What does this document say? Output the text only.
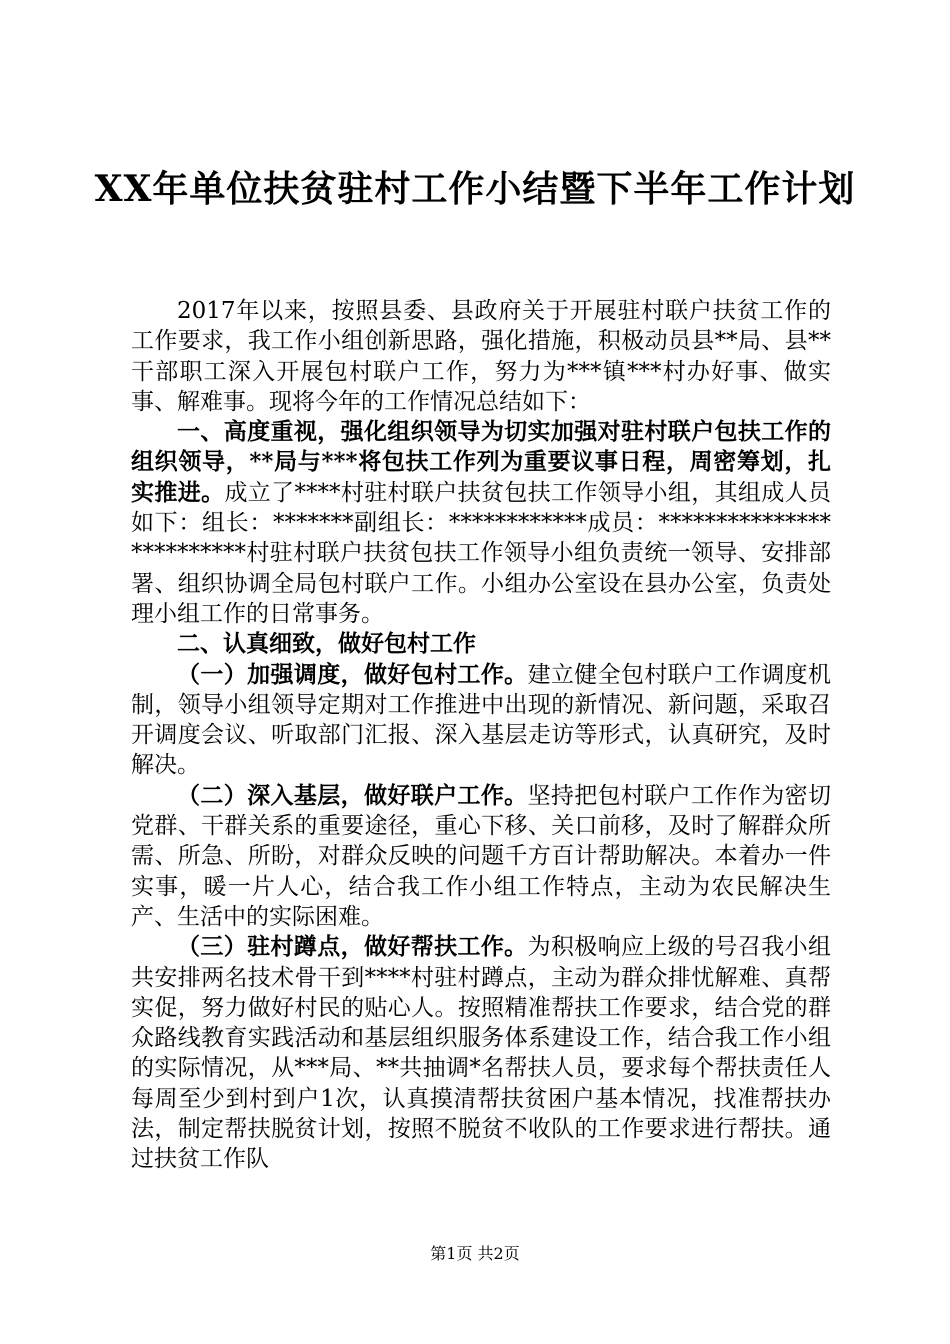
XX年单位扶贫驻村工作小结暨下半年工作计划

2017年以来，按照县委、县政府关于开展驻村联户扶贫工作的工作要求，我工作小组创新思路，强化措施，积极动员县**局、县**干部职工深入开展包村联户工作，努力为***镇***村办好事、做实事、解难事。现将今年的工作情况总结如下：

一、高度重视，强化组织领导为切实加强对驻村联户包扶工作的组织领导，**局与***将包扶工作列为重要议事日程，周密筹划，扎实推进。成立了****村驻村联户扶贫包扶工作领导小组，其组成人员如下：组长：*******副组长：************成员：*************************村驻村联户扶贫包扶工作领导小组负责统一领导、安排部署、组织协调全局包村联户工作。小组办公室设在县办公室，负责处理小组工作的日常事务。

二、认真细致，做好包村工作

（一）加强调度，做好包村工作。建立健全包村联户工作调度机制，领导小组领导定期对工作推进中出现的新情况、新问题，采取召开调度会议、听取部门汇报、深入基层走访等形式，认真研究，及时解决。

（二）深入基层，做好联户工作。坚持把包村联户工作作为密切党群、干群关系的重要途径，重心下移、关口前移，及时了解群众所需、所急、所盼，对群众反映的问题千方百计帮助解决。本着办一件实事，暖一片人心，结合我工作小组工作特点，主动为农民解决生产、生活中的实际困难。

（三）驻村蹲点，做好帮扶工作。为积极响应上级的号召我小组共安排两名技术骨干到****村驻村蹲点，主动为群众排忧解难、真帮实促，努力做好村民的贴心人。按照精准帮扶工作要求，结合党的群众路线教育实践活动和基层组织服务体系建设工作，结合我工作小组的实际情况，从***局、**共抽调*名帮扶人员，要求每个帮扶责任人每周至少到村到户1次，认真摸清帮扶贫困户基本情况，找准帮扶办法，制定帮扶脱贫计划，按照不脱贫不收队的工作要求进行帮扶。通过扶贫工作队

第1页 共2页
